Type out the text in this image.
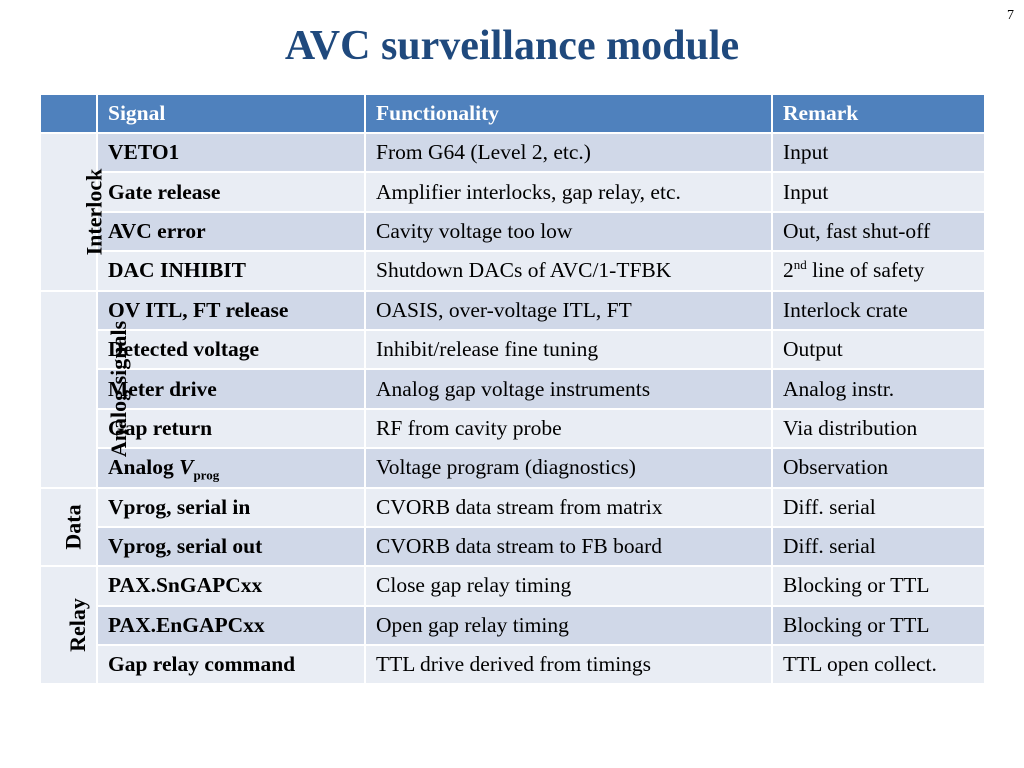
7
AVC surveillance module
	Signal	Functionality	Remark
Interlock	VETO1	From G64 (Level 2, etc.)	Input
	Gate release	Amplifier interlocks, gap relay, etc.	Input
	AVC error	Cavity voltage too low	Out, fast shut-off
	DAC INHIBIT	Shutdown DACs of AVC/1-TFBK	2nd line of safety
Analog signals	OV ITL, FT release	OASIS, over-voltage ITL, FT	Interlock crate
	Detected voltage	Inhibit/release fine tuning	Output
	Meter drive	Analog gap voltage instruments	Analog instr.
	Gap return	RF from cavity probe	Via distribution
	Analog $V_{prog}$	Voltage program (diagnostics)	Observation
Data	Vprog, serial in	CVORB data stream from matrix	Diff. serial
	Vprog, serial out	CVORB data stream to FB board	Diff. serial
Relay	PAX.SnGAPCxx	Close gap relay timing	Blocking or TTL
	PAX.EnGAPCxx	Open gap relay timing	Blocking or TTL
	Gap relay command	TTL drive derived from timings	TTL open collect.
